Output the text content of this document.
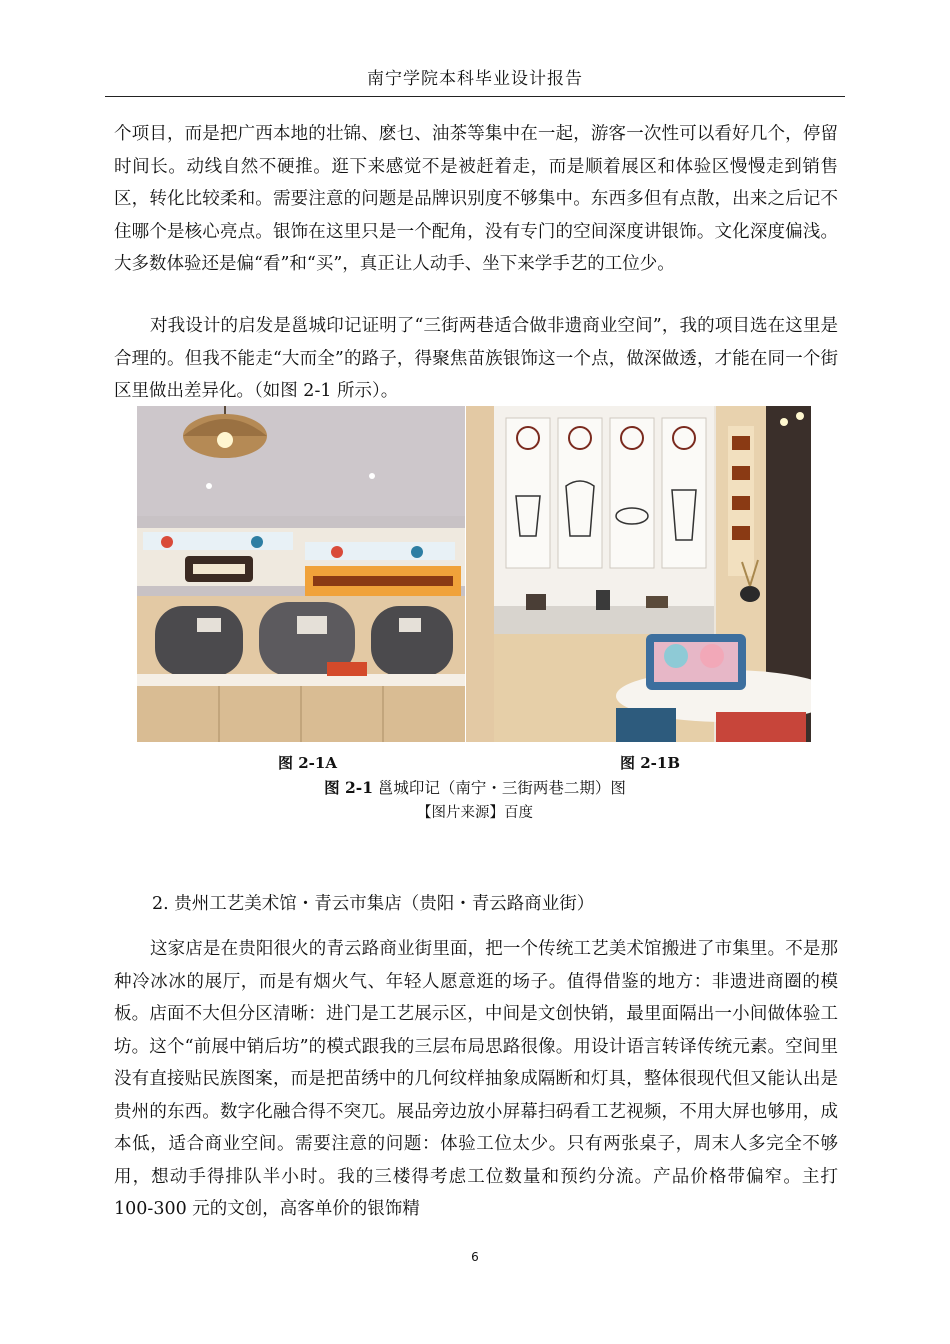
南宁学院本科毕业设计报告

个项目，而是把广西本地的壮锦、麽乜、油茶等集中在一起，游客一次性可以看好几个，停留时间长。动线自然不硬推。逛下来感觉不是被赶着走，而是顺着展区和体验区慢慢走到销售区，转化比较柔和。需要注意的问题是品牌识别度不够集中。东西多但有点散，出来之后记不住哪个是核心亮点。银饰在这里只是一个配角，没有专门的空间深度讲银饰。文化深度偏浅。大多数体验还是偏“看”和“买”，真正让人动手、坐下来学手艺的工位少。

对我设计的启发是邕城印记证明了“三街两巷适合做非遗商业空间”，我的项目选在这里是合理的。但我不能走“大而全”的路子，得聚焦苗族银饰这一个点，做深做透，才能在同一个街区里做出差异化。（如图 2-1 所示）。

图 2-1A	图 2-1B
图 2-1 邕城印记（南宁・三街两巷二期）图
【图片来源】百度
2. 贵州工艺美术馆・青云市集店（贵阳・青云路商业街）

这家店是在贵阳很火的青云路商业街里面，把一个传统工艺美术馆搬进了市集里。不是那种冷冰冰的展厅，而是有烟火气、年轻人愿意逛的场子。值得借鉴的地方：非遗进商圈的模板。店面不大但分区清晰：进门是工艺展示区，中间是文创快销，最里面隔出一小间做体验工坊。这个“前展中销后坊”的模式跟我的三层布局思路很像。用设计语言转译传统元素。空间里没有直接贴民族图案，而是把苗绣中的几何纹样抽象成隔断和灯具，整体很现代但又能认出是贵州的东西。数字化融合得不突兀。展品旁边放小屏幕扫码看工艺视频，不用大屏也够用，成本低，适合商业空间。需要注意的问题：体验工位太少。只有两张桌子，周末人多完全不够用，想动手得排队半小时。我的三楼得考虑工位数量和预约分流。产品价格带偏窄。主打 100-300 元的文创，高客单价的银饰精

6
